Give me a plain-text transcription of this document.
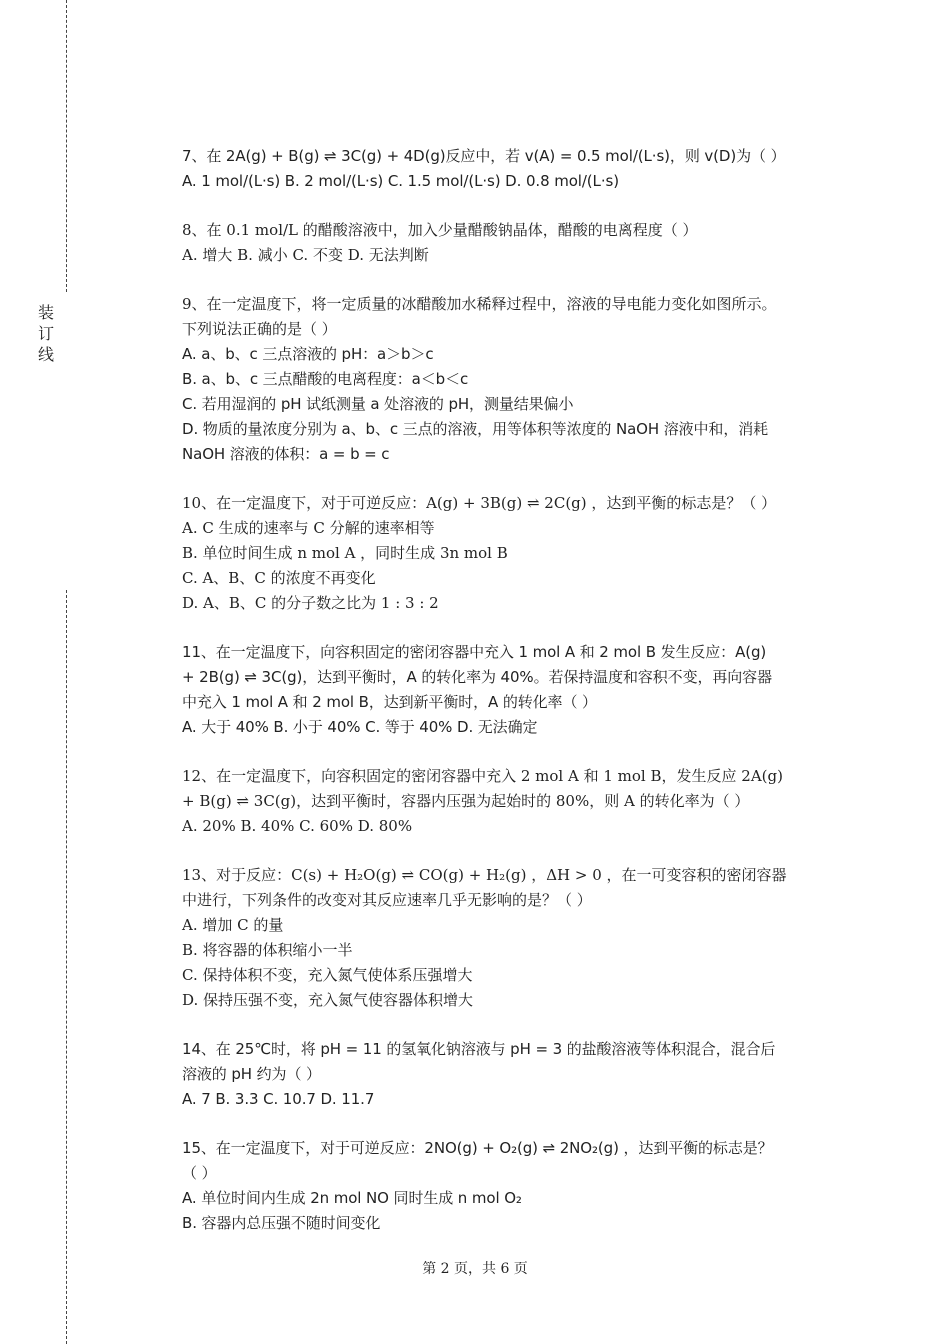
装
订
线
7、在 2A(g) + B(g) ⇌ 3C(g) + 4D(g)反应中，若 v(A) = 0.5 mol/(L·s)，则 v(D)为（ ）
A. 1 mol/(L·s) B. 2 mol/(L·s) C. 1.5 mol/(L·s) D. 0.8 mol/(L·s)
8、在 0.1 mol/L 的醋酸溶液中，加入少量醋酸钠晶体，醋酸的电离程度（ ）
A. 增大 B. 减小 C. 不变 D. 无法判断
9、在一定温度下，将一定质量的冰醋酸加水稀释过程中，溶液的导电能力变化如图所示。
下列说法正确的是（ ）
A. a、b、c 三点溶液的 pH：a＞b＞c
B. a、b、c 三点醋酸的电离程度：a＜b＜c
C. 若用湿润的 pH 试纸测量 a 处溶液的 pH，测量结果偏小
D. 物质的量浓度分别为 a、b、c 三点的溶液，用等体积等浓度的 NaOH 溶液中和，消耗
NaOH 溶液的体积：a = b = c
10、在一定温度下，对于可逆反应：A(g) + 3B(g) ⇌ 2C(g) ，达到平衡的标志是？（ ）
A. C 生成的速率与 C 分解的速率相等
B. 单位时间生成 n mol A ，同时生成 3n mol B
C. A、B、C 的浓度不再变化
D. A、B、C 的分子数之比为 1 : 3 : 2
11、在一定温度下，向容积固定的密闭容器中充入 1 mol A 和 2 mol B 发生反应：A(g)
+ 2B(g) ⇌ 3C(g)，达到平衡时，A 的转化率为 40%。若保持温度和容积不变，再向容器
中充入 1 mol A 和 2 mol B，达到新平衡时，A 的转化率（ ）
A. 大于 40% B. 小于 40% C. 等于 40% D. 无法确定
12、在一定温度下，向容积固定的密闭容器中充入 2 mol A 和 1 mol B，发生反应 2A(g)
+ B(g) ⇌ 3C(g)，达到平衡时，容器内压强为起始时的 80%，则 A 的转化率为（ ）
A. 20% B. 40% C. 60% D. 80%
13、对于反应：C(s) + H₂O(g) ⇌ CO(g) + H₂(g) ，ΔH > 0 ，在一可变容积的密闭容器
中进行，下列条件的改变对其反应速率几乎无影响的是？（ ）
A. 增加 C 的量
B. 将容器的体积缩小一半
C. 保持体积不变，充入氮气使体系压强增大
D. 保持压强不变，充入氮气使容器体积增大
14、在 25℃时，将 pH = 11 的氢氧化钠溶液与 pH = 3 的盐酸溶液等体积混合，混合后
溶液的 pH 约为（ ）
A. 7 B. 3.3 C. 10.7 D. 11.7
15、在一定温度下，对于可逆反应：2NO(g) + O₂(g) ⇌ 2NO₂(g) ，达到平衡的标志是？
（ ）
A. 单位时间内生成 2n mol NO 同时生成 n mol O₂
B. 容器内总压强不随时间变化
第 2 页，共 6 页
